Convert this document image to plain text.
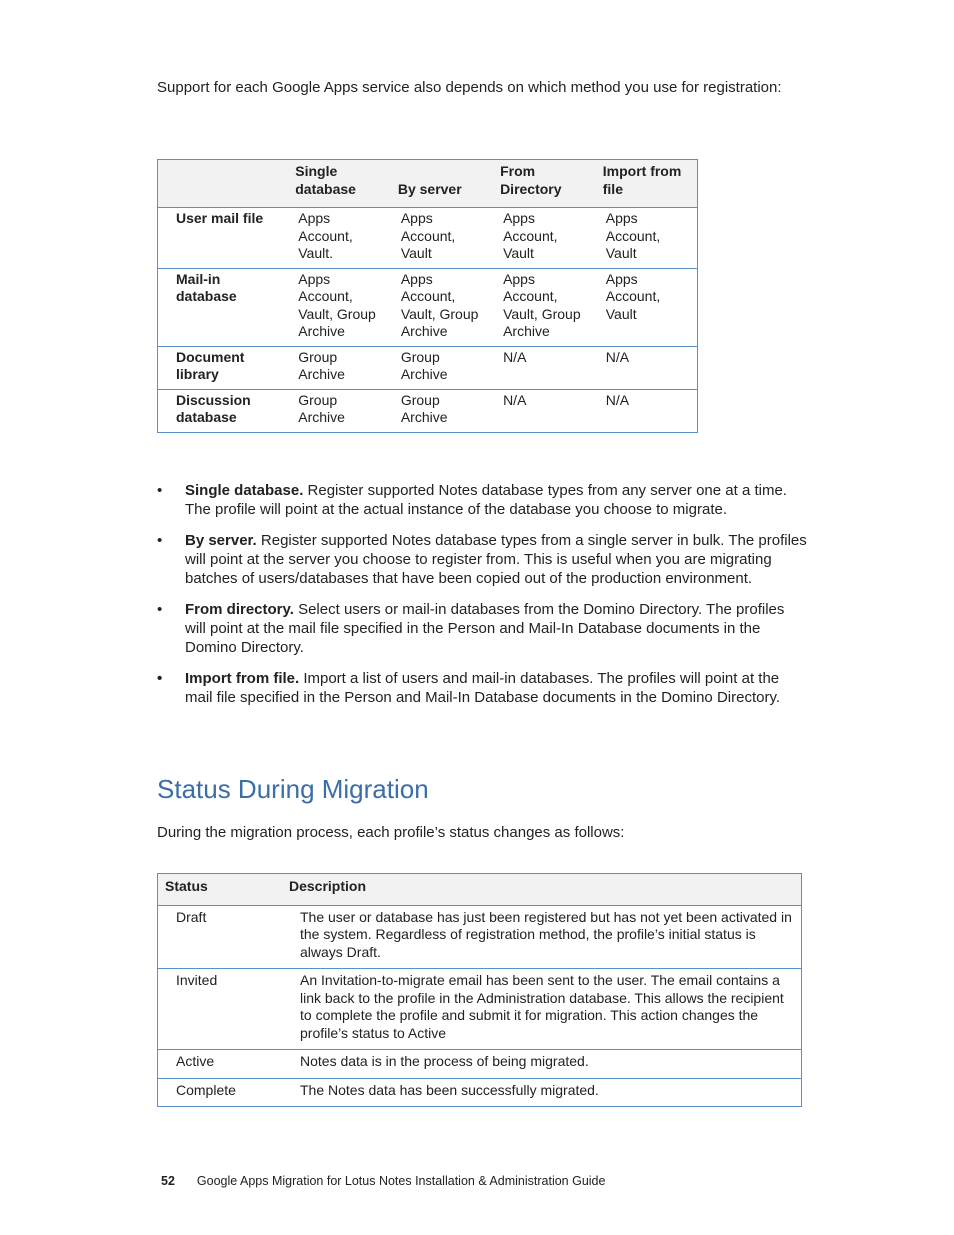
Support for each Google Apps service also depends on which method you use for registration:

	Single database	By server	From Directory	Import from file
User mail file	Apps Account, Vault.	Apps Account, Vault	Apps Account, Vault	Apps Account, Vault
Mail-in database	Apps Account, Vault, Group Archive	Apps Account, Vault, Group Archive	Apps Account, Vault, Group Archive	Apps Account, Vault
Document library	Group Archive	Group Archive	N/A	N/A
Discussion database	Group Archive	Group Archive	N/A	N/A
• Single database. Register supported Notes database types from any server one at a time. The profile will point at the actual instance of the database you choose to migrate.
• By server. Register supported Notes database types from a single server in bulk. The profiles will point at the server you choose to register from. This is useful when you are migrating batches of users/databases that have been copied out of the production environment.
• From directory. Select users or mail-in databases from the Domino Directory. The profiles will point at the mail file specified in the Person and Mail-In Database documents in the Domino Directory.
• Import from file. Import a list of users and mail-in databases. The profiles will point at the mail file specified in the Person and Mail-In Database documents in the Domino Directory.
Status During Migration

During the migration process, each profile’s status changes as follows:

Status	Description
Draft	The user or database has just been registered but has not yet been activated in the system. Regardless of registration method, the profile’s initial status is always Draft.
Invited	An Invitation-to-migrate email has been sent to the user. The email contains a link back to the profile in the Administration database. This allows the recipient to complete the profile and submit it for migration. This action changes the profile’s status to Active
Active	Notes data is in the process of being migrated.
Complete	The Notes data has been successfully migrated.
52 Google Apps Migration for Lotus Notes Installation & Administration Guide
